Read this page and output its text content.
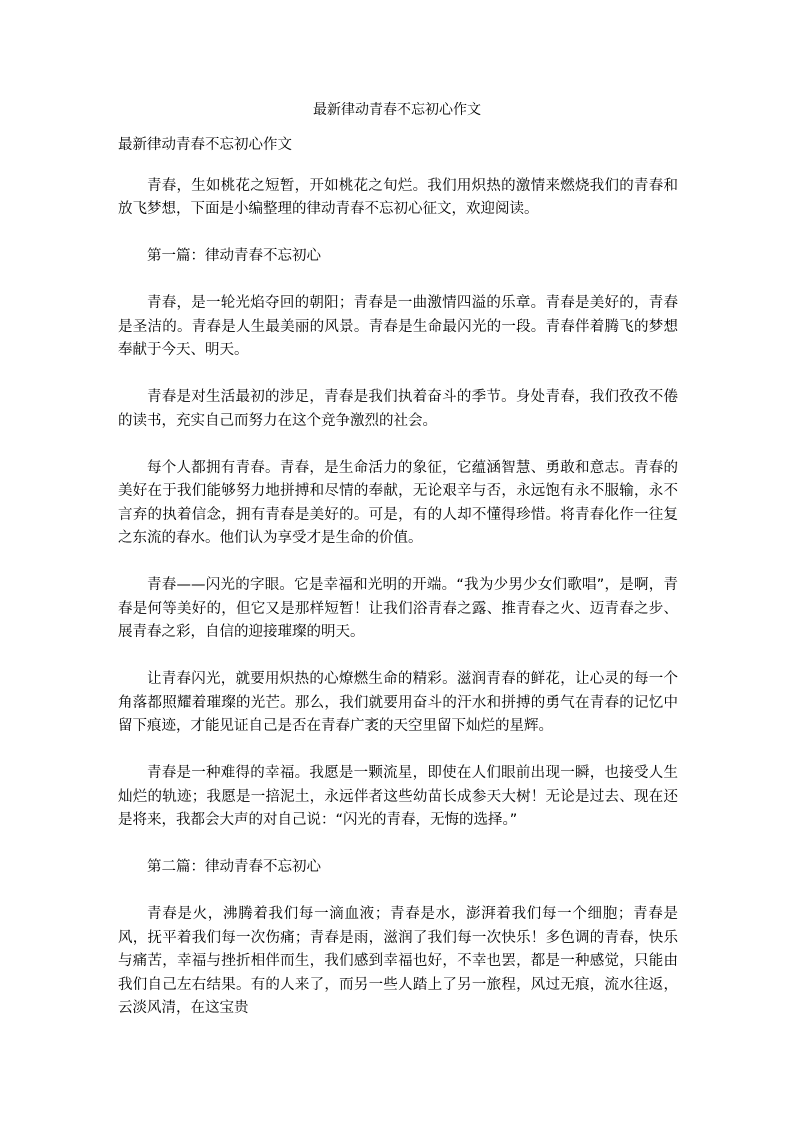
最新律动青春不忘初心作文

最新律动青春不忘初心作文

青春，生如桃花之短暂，开如桃花之旬烂。我们用炽热的激情来燃烧我们的青春和放飞梦想，下面是小编整理的律动青春不忘初心征文，欢迎阅读。

第一篇：律动青春不忘初心

青春，是一轮光焰夺回的朝阳；青春是一曲激情四溢的乐章。青春是美好的，青春是圣洁的。青春是人生最美丽的风景。青春是生命最闪光的一段。青春伴着腾飞的梦想奉献于今天、明天。

青春是对生活最初的涉足，青春是我们执着奋斗的季节。身处青春，我们孜孜不倦的读书，充实自己而努力在这个竞争激烈的社会。

每个人都拥有青春。青春，是生命活力的象征，它蕴涵智慧、勇敢和意志。青春的美好在于我们能够努力地拼搏和尽情的奉献，无论艰辛与否，永远饱有永不服输，永不言弃的执着信念，拥有青春是美好的。可是，有的人却不懂得珍惜。将青春化作一往复之东流的春水。他们认为享受才是生命的价值。

青春——闪光的字眼。它是幸福和光明的开端。“我为少男少女们歌唱”，是啊，青春是何等美好的，但它又是那样短暂！让我们浴青春之露、推青春之火、迈青春之步、展青春之彩，自信的迎接璀璨的明天。

让青春闪光，就要用炽热的心燎燃生命的精彩。滋润青春的鲜花，让心灵的每一个角落都照耀着璀璨的光芒。那么，我们就要用奋斗的汗水和拼搏的勇气在青春的记忆中留下痕迹，才能见证自己是否在青春广袤的天空里留下灿烂的星辉。

青春是一种难得的幸福。我愿是一颗流星，即使在人们眼前出现一瞬，也接受人生灿烂的轨迹；我愿是一掊泥土，永远伴者这些幼苗长成参天大树！无论是过去、现在还是将来，我都会大声的对自己说：“闪光的青春，无悔的选择。”

第二篇：律动青春不忘初心

青春是火，沸腾着我们每一滴血液；青春是水，澎湃着我们每一个细胞；青春是风，抚平着我们每一次伤痛；青春是雨，滋润了我们每一次快乐！多色调的青春，快乐与痛苦，幸福与挫折相伴而生，我们感到幸福也好，不幸也罢，都是一种感觉，只能由我们自己左右结果。有的人来了，而另一些人踏上了另一旅程，风过无痕，流水往返，云淡风清，在这宝贵
